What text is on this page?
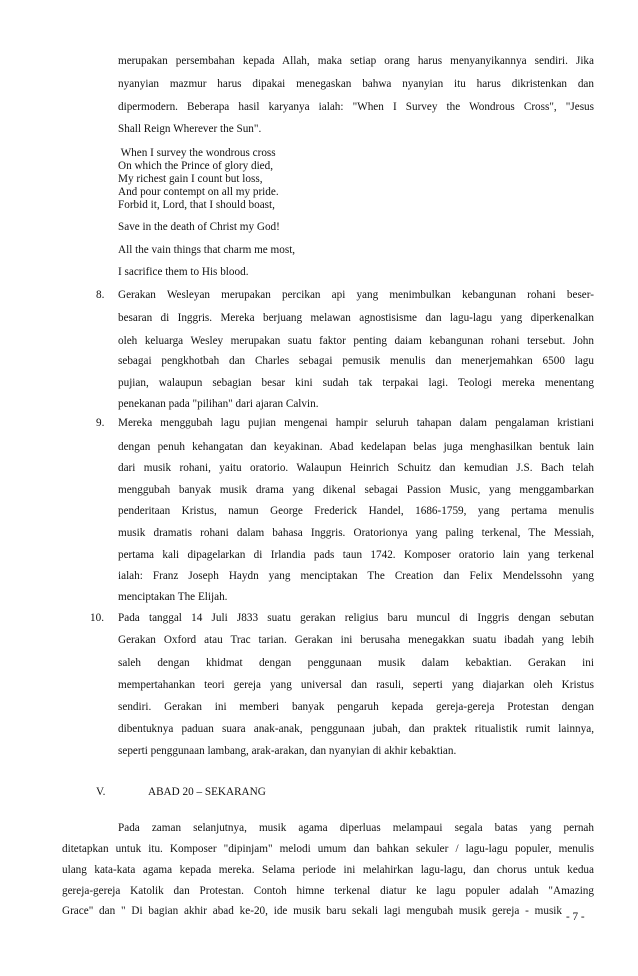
merupakan persembahan kepada Allah, maka setiap orang harus menyanyikannya sendiri. Jika
nyanyian mazmur harus dipakai menegaskan bahwa nyanyian itu harus dikristenkan dan
dipermodern. Beberapa hasil karyanya ialah: "When I Survey the Wondrous Cross", "Jesus
Shall Reign Wherever the Sun".
When I survey the wondrous cross
On which the Prince of glory died,
My richest gain I count but loss,
And pour contempt on all my pride.
Forbid it, Lord, that I should boast,
Save in the death of Christ my God!
All the vain things that charm me most,
I sacrifice them to His blood.
8. Gerakan Wesleyan merupakan percikan api yang menimbulkan kebangunan rohani beser-
besaran di Inggris. Mereka berjuang melawan agnostisisme dan lagu-lagu yang diperkenalkan
oleh keluarga Wesley merupakan suatu faktor penting daiam kebangunan rohani tersebut. John
sebagai pengkhotbah dan Charles sebagai pemusik menulis dan menerjemahkan 6500 lagu
pujian, walaupun sebagian besar kini sudah tak terpakai lagi. Teologi mereka menentang
penekanan pada "pilihan" dari ajaran Calvin.
9. Mereka menggubah lagu pujian mengenai hampir seluruh tahapan dalam pengalaman kristiani
dengan penuh kehangatan dan keyakinan. Abad kedelapan belas juga menghasilkan bentuk lain
dari musik rohani, yaitu oratorio. Walaupun Heinrich Schuitz dan kemudian J.S. Bach telah
menggubah banyak musik drama yang dikenal sebagai Passion Music, yang menggambarkan
penderitaan Kristus, namun George Frederick Handel, 1686-1759, yang pertama menulis
musik dramatis rohani dalam bahasa Inggris. Oratorionya yang paling terkenal, The Messiah,
pertama kali dipagelarkan di Irlandia pads taun 1742. Komposer oratorio lain yang terkenal
ialah: Franz Joseph Haydn yang menciptakan The Creation dan Felix Mendelssohn yang
menciptakan The Elijah.
10. Pada tanggal 14 Juli J833 suatu gerakan religius baru muncul di Inggris dengan sebutan
Gerakan Oxford atau Trac tarian. Gerakan ini berusaha menegakkan suatu ibadah yang lebih
saleh dengan khidmat dengan penggunaan musik dalam kebaktian. Gerakan ini
mempertahankan teori gereja yang universal dan rasuli, seperti yang diajarkan oleh Kristus
sendiri. Gerakan ini memberi banyak pengaruh kepada gereja-gereja Protestan dengan
dibentuknya paduan suara anak-anak, penggunaan jubah, dan praktek ritualistik rumit lainnya,
seperti penggunaan lambang, arak-arakan, dan nyanyian di akhir kebaktian.
V.	ABAD 20 – SEKARANG
Pada zaman selanjutnya, musik agama diperluas melampaui segala batas yang pernah
ditetapkan untuk itu. Komposer "dipinjam" melodi umum dan bahkan sekuler / lagu-lagu populer, menulis
ulang kata-kata agama kepada mereka. Selama periode ini melahirkan lagu-lagu, dan chorus untuk kedua
gereja-gereja Katolik dan Protestan. Contoh himne terkenal diatur ke lagu populer adalah "Amazing
Grace" dan " Di bagian akhir abad ke-20, ide musik baru sekali lagi mengubah musik gereja - musik - 7 -
